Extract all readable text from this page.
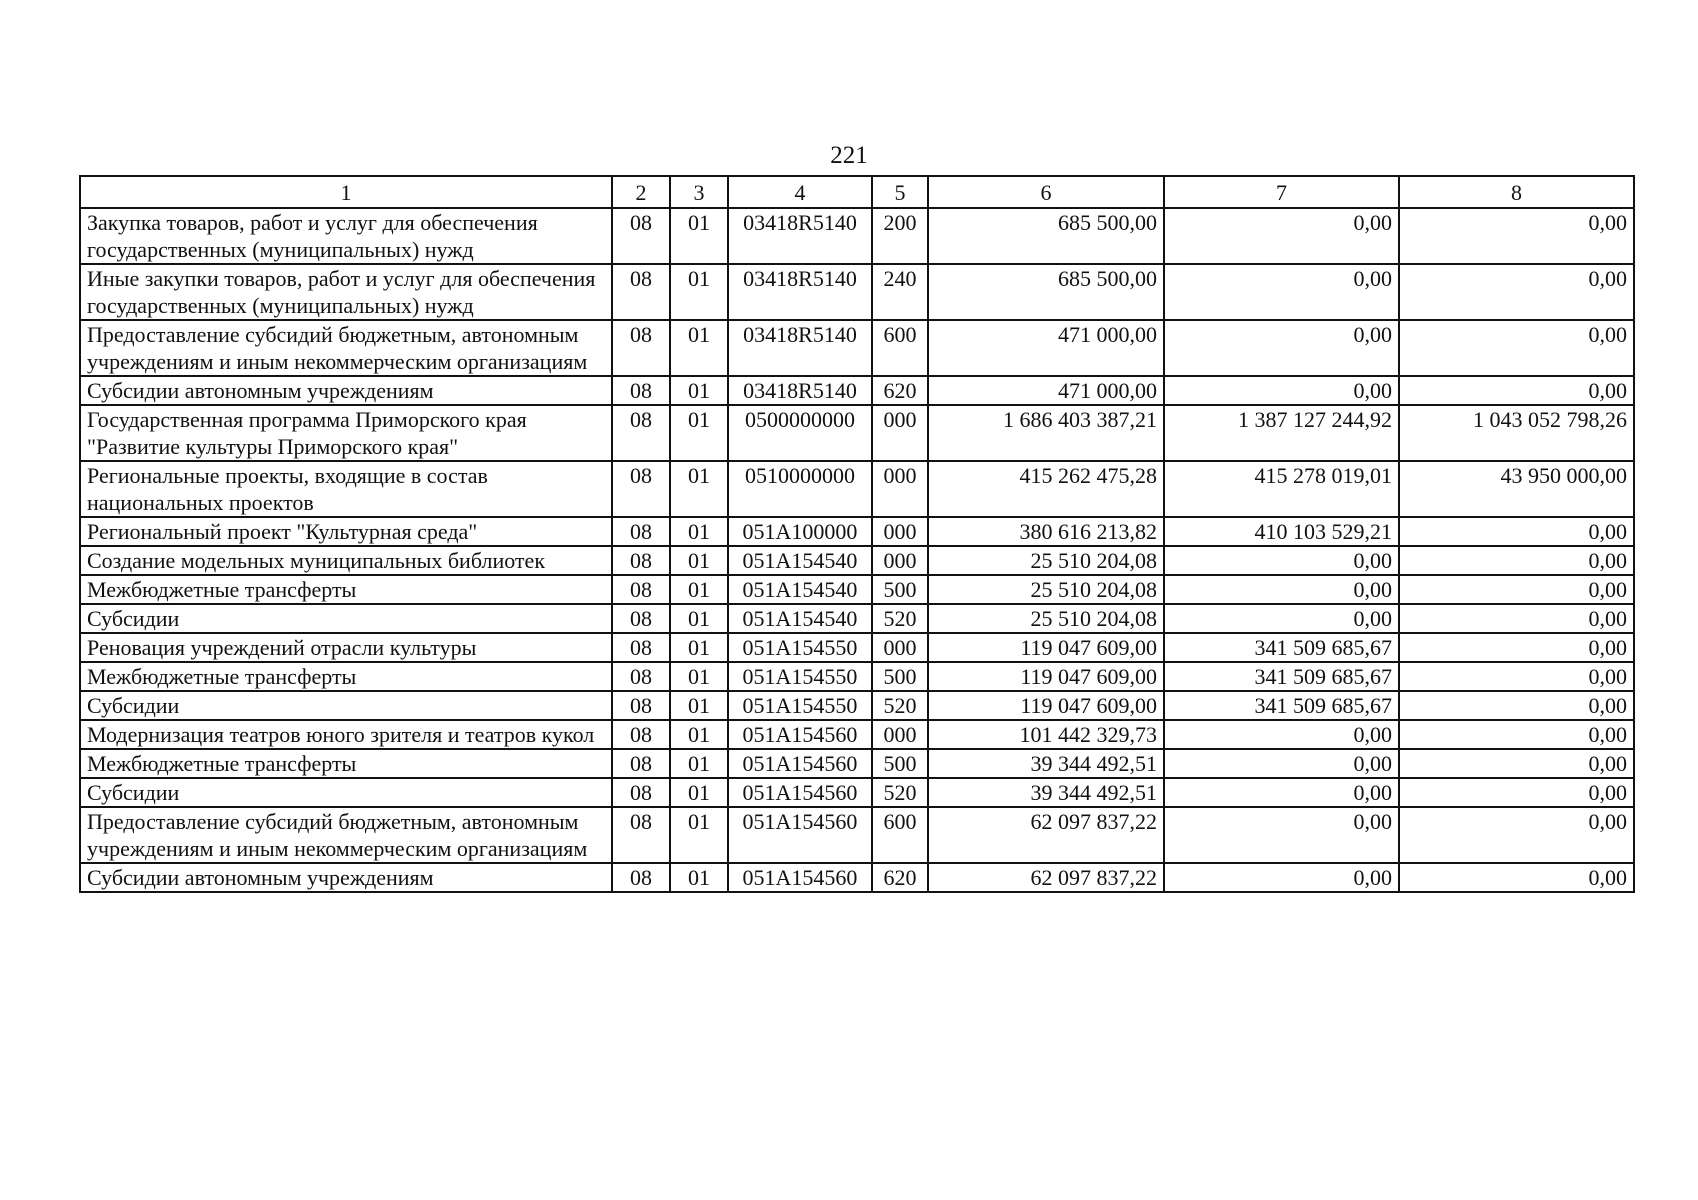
221
1	2	3	4	5	6	7	8
Закупка товаров, работ и услуг для обеспечения государственных (муниципальных) нужд	08	01	03418R5140	200	685 500,00	0,00	0,00
Иные закупки товаров, работ и услуг для обеспечения государственных (муниципальных) нужд	08	01	03418R5140	240	685 500,00	0,00	0,00
Предоставление субсидий бюджетным, автономным учреждениям и иным некоммерческим организациям	08	01	03418R5140	600	471 000,00	0,00	0,00
Субсидии автономным учреждениям	08	01	03418R5140	620	471 000,00	0,00	0,00
Государственная программа Приморского края "Развитие культуры Приморского края"	08	01	0500000000	000	1 686 403 387,21	1 387 127 244,92	1 043 052 798,26
Региональные проекты, входящие в состав национальных проектов	08	01	0510000000	000	415 262 475,28	415 278 019,01	43 950 000,00
Региональный проект "Культурная среда"	08	01	051A100000	000	380 616 213,82	410 103 529,21	0,00
Создание модельных муниципальных библиотек	08	01	051A154540	000	25 510 204,08	0,00	0,00
Межбюджетные трансферты	08	01	051A154540	500	25 510 204,08	0,00	0,00
Субсидии	08	01	051A154540	520	25 510 204,08	0,00	0,00
Реновация учреждений отрасли культуры	08	01	051A154550	000	119 047 609,00	341 509 685,67	0,00
Межбюджетные трансферты	08	01	051A154550	500	119 047 609,00	341 509 685,67	0,00
Субсидии	08	01	051A154550	520	119 047 609,00	341 509 685,67	0,00
Модернизация театров юного зрителя и театров кукол	08	01	051A154560	000	101 442 329,73	0,00	0,00
Межбюджетные трансферты	08	01	051A154560	500	39 344 492,51	0,00	0,00
Субсидии	08	01	051A154560	520	39 344 492,51	0,00	0,00
Предоставление субсидий бюджетным, автономным учреждениям и иным некоммерческим организациям	08	01	051A154560	600	62 097 837,22	0,00	0,00
Субсидии автономным учреждениям	08	01	051A154560	620	62 097 837,22	0,00	0,00
